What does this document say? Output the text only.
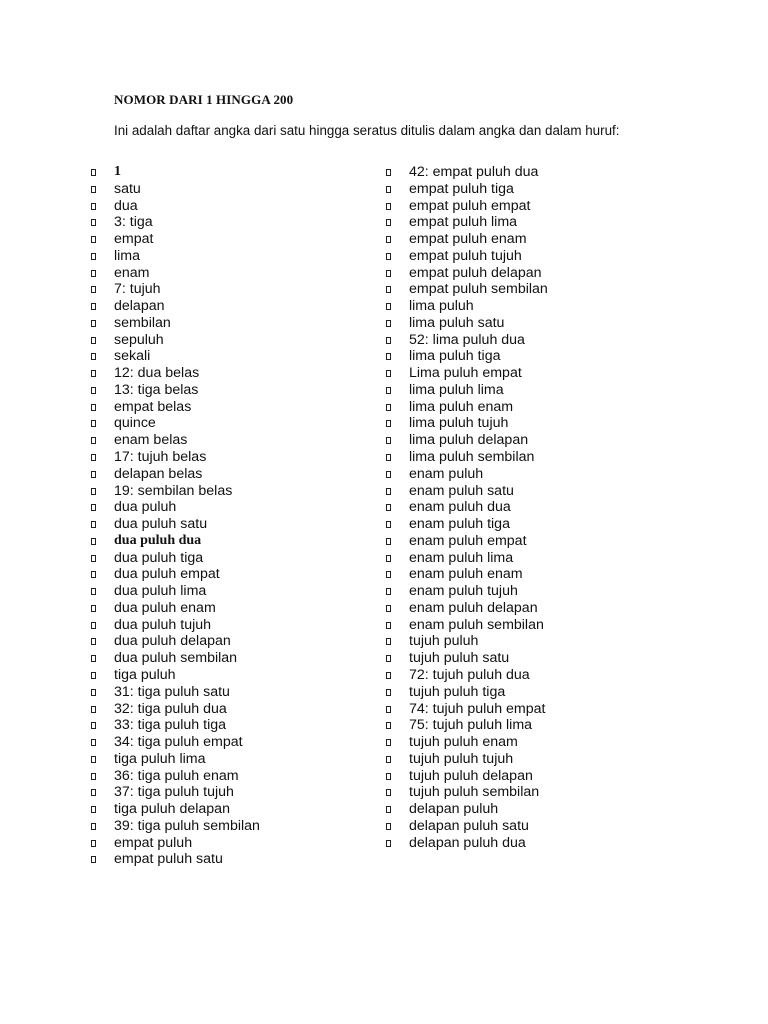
NOMOR DARI 1 HINGGA 200
Ini adalah daftar angka dari satu hingga seratus ditulis dalam angka dan dalam huruf:
1
satu
dua
3: tiga
empat
lima
enam
7: tujuh
delapan
sembilan
sepuluh
sekali
12: dua belas
13: tiga belas
empat belas
quince
enam belas
17: tujuh belas
delapan belas
19: sembilan belas
dua puluh
dua puluh satu
dua puluh dua
dua puluh tiga
dua puluh empat
dua puluh lima
dua puluh enam
dua puluh tujuh
dua puluh delapan
dua puluh sembilan
tiga puluh
31: tiga puluh satu
32: tiga puluh dua
33: tiga puluh tiga
34: tiga puluh empat
tiga puluh lima
36: tiga puluh enam
37: tiga puluh tujuh
tiga puluh delapan
39: tiga puluh sembilan
empat puluh
empat puluh satu
42: empat puluh dua
empat puluh tiga
empat puluh empat
empat puluh lima
empat puluh enam
empat puluh tujuh
empat puluh delapan
empat puluh sembilan
lima puluh
lima puluh satu
52: lima puluh dua
lima puluh tiga
Lima puluh empat
lima puluh lima
lima puluh enam
lima puluh tujuh
lima puluh delapan
lima puluh sembilan
enam puluh
enam puluh satu
enam puluh dua
enam puluh tiga
enam puluh empat
enam puluh lima
enam puluh enam
enam puluh tujuh
enam puluh delapan
enam puluh sembilan
tujuh puluh
tujuh puluh satu
72: tujuh puluh dua
tujuh puluh tiga
74: tujuh puluh empat
75: tujuh puluh lima
tujuh puluh enam
tujuh puluh tujuh
tujuh puluh delapan
tujuh puluh sembilan
delapan puluh
delapan puluh satu
delapan puluh dua
